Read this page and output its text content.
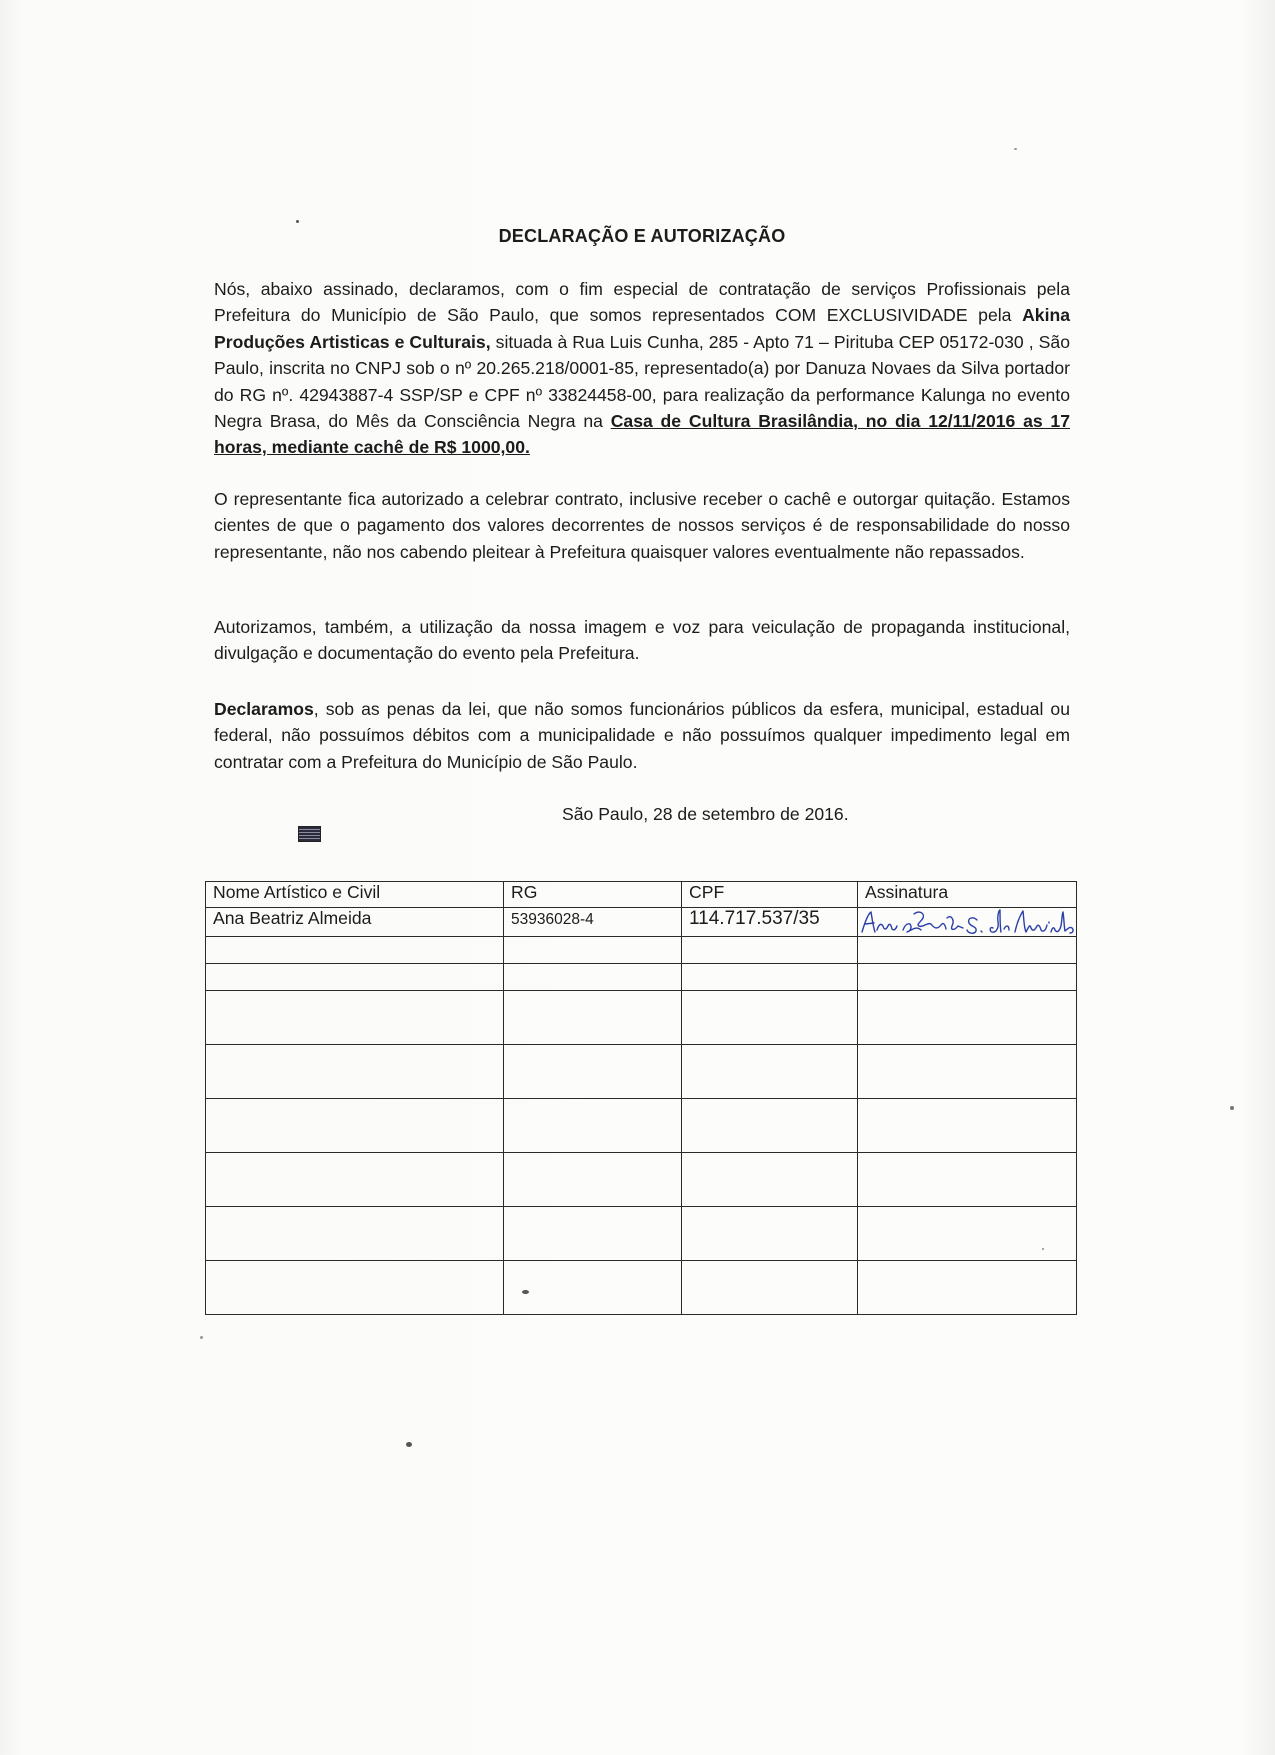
DECLARAÇÃO E AUTORIZAÇÃO
Nós, abaixo assinado, declaramos, com o fim especial de contratação de serviços Profissionais pela Prefeitura do Município de São Paulo, que somos representados COM EXCLUSIVIDADE pela Akina Produções Artisticas e Culturais, situada à Rua Luis Cunha, 285 - Apto 71 – Pirituba CEP 05172-030 , São Paulo, inscrita no CNPJ sob o nº 20.265.218/0001-85, representado(a) por Danuza Novaes da Silva portador do RG nº. 42943887-4 SSP/SP e CPF nº 33824458-00, para realização da performance Kalunga no evento Negra Brasa, do Mês da Consciência Negra na Casa de Cultura Brasilândia, no dia 12/11/2016 as 17 horas, mediante cachê de R$ 1000,00.
O representante fica autorizado a celebrar contrato, inclusive receber o cachê e outorgar quitação. Estamos cientes de que o pagamento dos valores decorrentes de nossos serviços é de responsabilidade do nosso representante, não nos cabendo pleitear à Prefeitura quaisquer valores eventualmente não repassados.
Autorizamos, também, a utilização da nossa imagem e voz para veiculação de propaganda institucional, divulgação e documentação do evento pela Prefeitura.
Declaramos, sob as penas da lei, que não somos funcionários públicos da esfera, municipal, estadual ou federal, não possuímos débitos com a municipalidade e não possuímos qualquer impedimento legal em contratar com a Prefeitura do Município de São Paulo.
São Paulo, 28 de setembro de 2016.
Nome Artístico e Civil	RG	CPF	Assinatura
Ana Beatriz Almeida	53936028-4	114.717.537/35	
